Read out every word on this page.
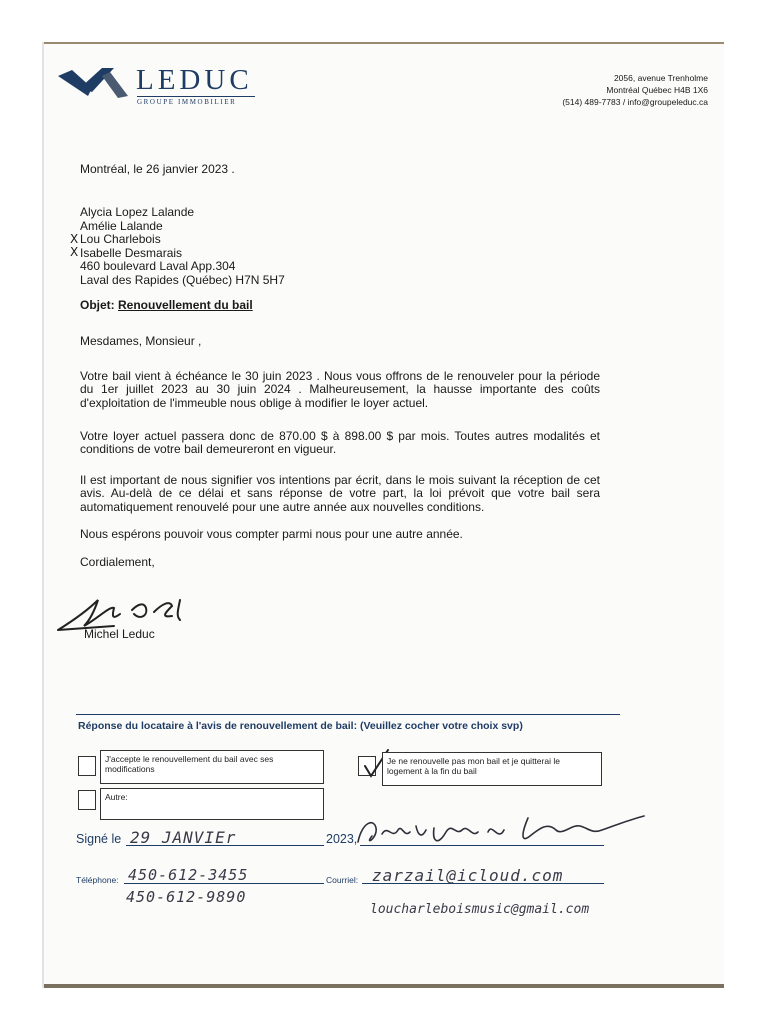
LEDUC
GROUPE IMMOBILIER
2056, avenue Trenholme
Montréal Québec H4B 1X6
(514) 489-7783 / info@groupeleduc.ca
Montréal, le 26 janvier 2023 .
Alycia Lopez Lalande
Amélie Lalande
Lou Charlebois
Isabelle Desmarais
460 boulevard Laval App.304
Laval des Rapides (Québec) H7N 5H7
X
X
Objet: Renouvellement du bail
Mesdames, Monsieur ,
Votre bail vient à échéance le 30 juin 2023 . Nous vous offrons de le renouveler pour la période du 1er juillet 2023 au 30 juin 2024 . Malheureusement, la hausse importante des coûts d'exploitation de l'immeuble nous oblige à modifier le loyer actuel.
Votre loyer actuel passera donc de 870.00 $ à 898.00 $ par mois. Toutes autres modalités et conditions de votre bail demeureront en vigueur.
Il est important de nous signifier vos intentions par écrit, dans le mois suivant la réception de cet avis. Au-delà de ce délai et sans réponse de votre part, la loi prévoit que votre bail sera automatiquement renouvelé pour une autre année aux nouvelles conditions.
Nous espérons pouvoir vous compter parmi nous pour une autre année.
Cordialement,
Michel Leduc
Réponse du locataire à l'avis de renouvellement de bail: (Veuillez cocher votre choix svp)
J'accepte le renouvellement du bail avec ses modifications
Je ne renouvelle pas mon bail et je quitterai le logement à la fin du bail
Autre:
Signé le 29 JANVIEr	2023,
Téléphone: 450-612-3455
450-612-9890
Courriel: zarzail@icloud.com
loucharleboismusic@gmail.com
